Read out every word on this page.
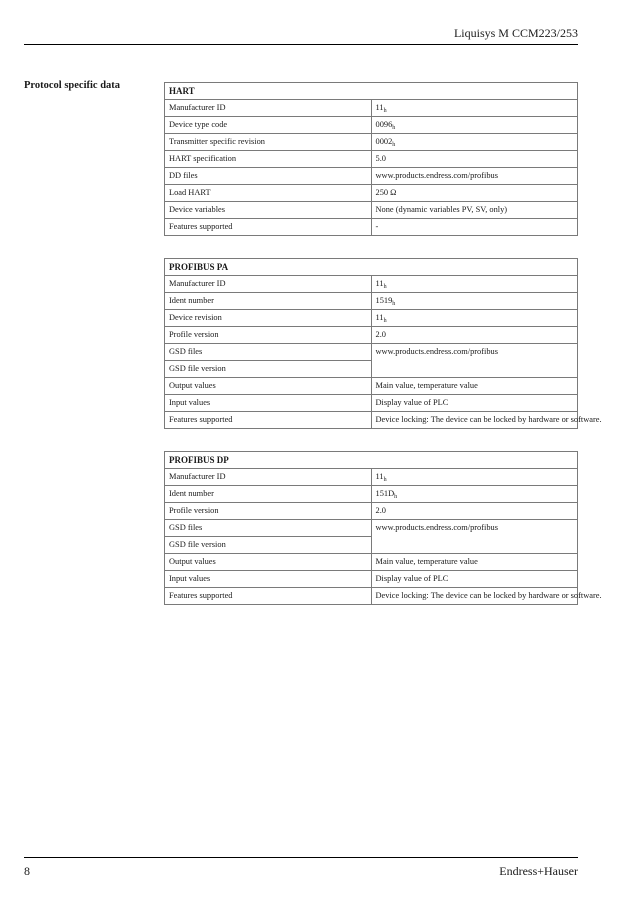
Liquisys M CCM223/253
Protocol specific data	HART	
Manufacturer ID	$11_h$
Device type code	$0096_h$
Transmitter specific revision	$0002_h$
HART specification	5.0
DD files	www.products.endress.com/profibus
Load HART	250 Ω
Device variables	None (dynamic variables PV, SV, only)
Features supported	-
PROFIBUS PA	
Manufacturer ID	$11_h$
Ident number	$1519_h$
Device revision	$11_h$
Profile version	2.0
GSD files	www.products.endress.com/profibus
GSD file version	
Output values	Main value, temperature value
Input values	Display value of PLC
Features supported	Device locking: The device can be locked by hardware or software.
PROFIBUS DP	
Manufacturer ID	$11_h$
Ident number	$151D_h$
Profile version	2.0
GSD files	www.products.endress.com/profibus
GSD file version	
Output values	Main value, temperature value
Input values	Display value of PLC
Features supported	Device locking: The device can be locked by hardware or software.
8	Endress+Hauser
